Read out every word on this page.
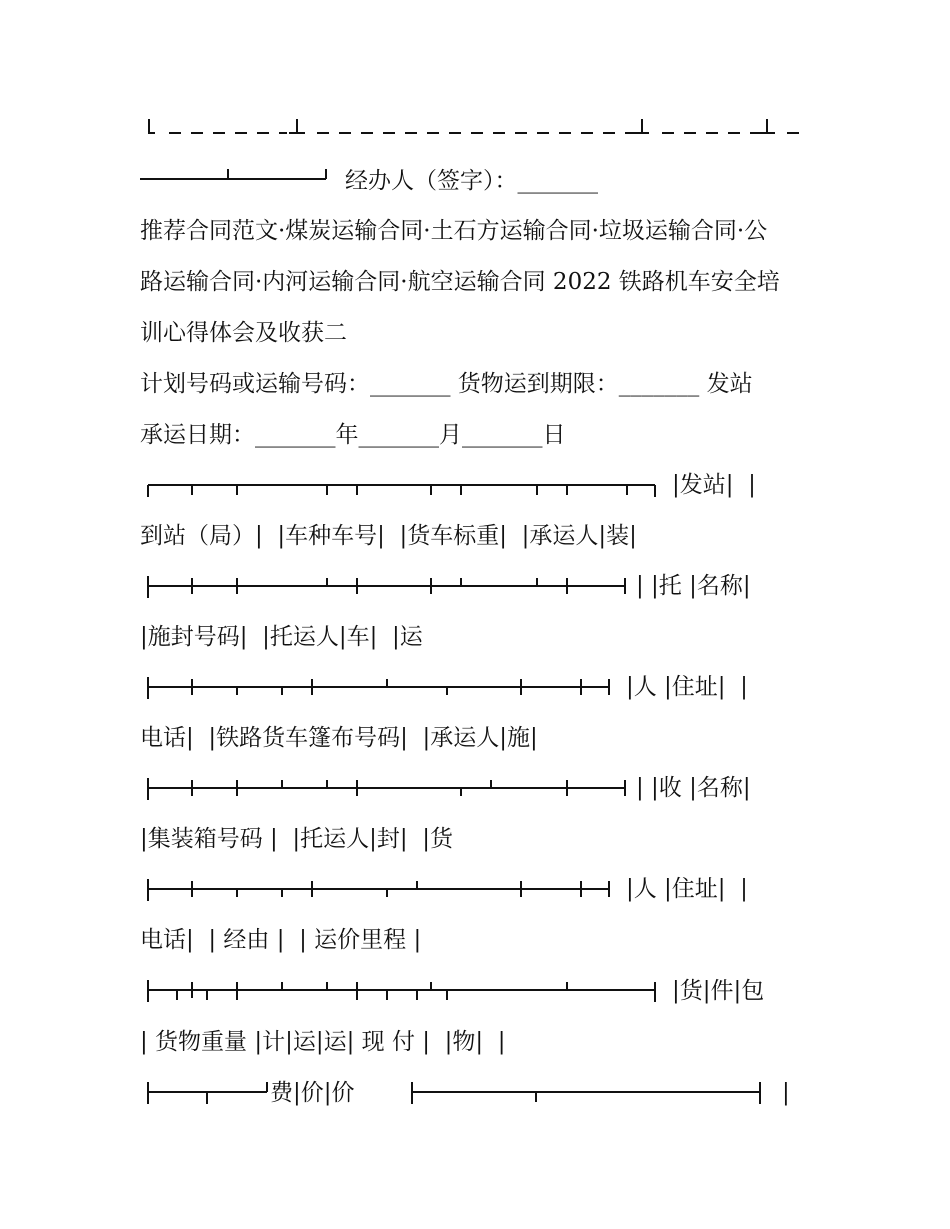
经办人（签字）：_______
推荐合同范文·煤炭运输合同·土石方运输合同·垃圾运输合同·公
路运输合同·内河运输合同·航空运输合同 2022 铁路机车安全培
训心得体会及收获二
计划号码或运输号码：_______ 货物运到期限：_______ 发站
承运日期：_______年_______月_______日
|发站|  |
到站（局）|  |车种车号|  |货车标重|  |承运人|装|
| |托 |名称|
|施封号码|  |托运人|车|  |运
|人 |住址|  |
电话|  |铁路货车篷布号码|  |承运人|施|
| |收 |名称|
|集装箱号码 |  |托运人|封|  |货
|人 |住址|  |
电话|  | 经由 |  | 运价里程 |
|货|件|包
| 货物重量 |计|运|运| 现 付 |  |物|  |
费|价|价	|
